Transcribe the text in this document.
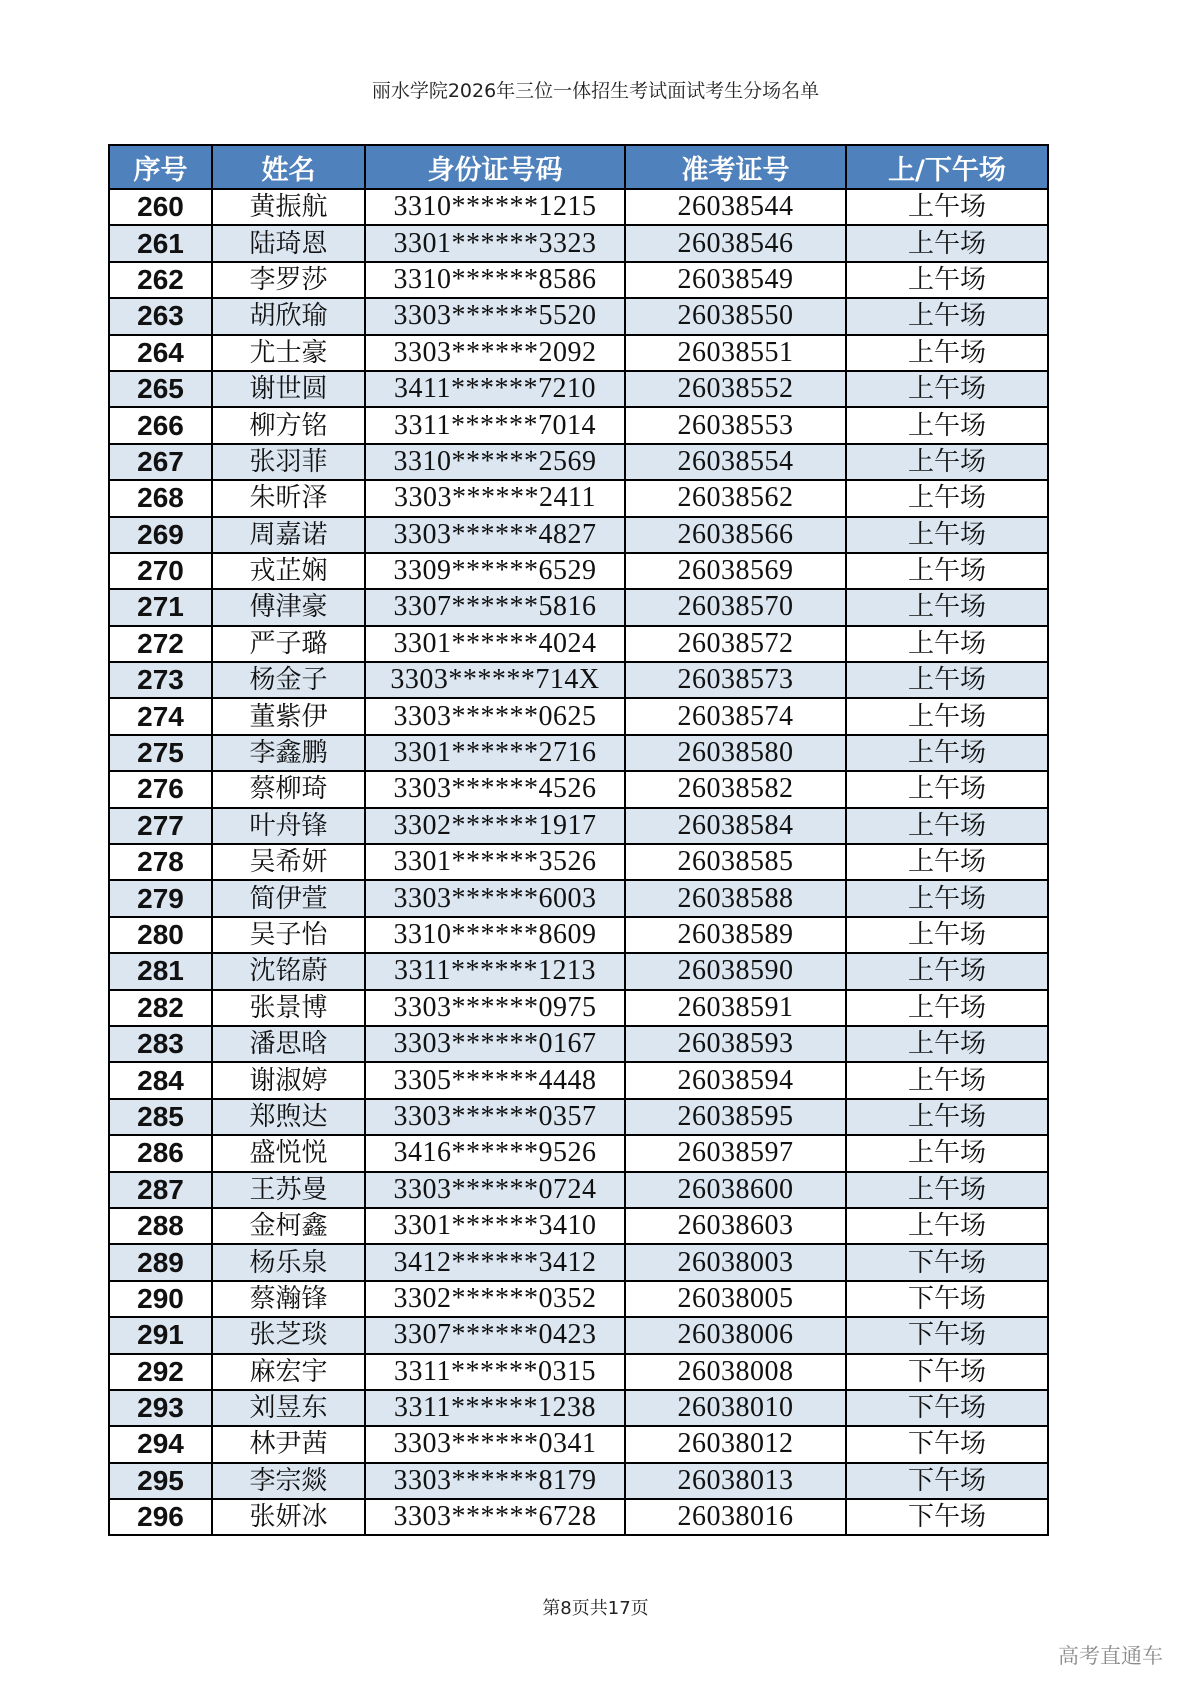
丽水学院2026年三位一体招生考试面试考生分场名单
序号	姓名	身份证号码	准考证号	上/下午场
260	黄振航	3310******1215	26038544	上午场
261	陆琦恩	3301******3323	26038546	上午场
262	李罗莎	3310******8586	26038549	上午场
263	胡欣瑜	3303******5520	26038550	上午场
264	尤士豪	3303******2092	26038551	上午场
265	谢世圆	3411******7210	26038552	上午场
266	柳方铭	3311******7014	26038553	上午场
267	张羽菲	3310******2569	26038554	上午场
268	朱昕泽	3303******2411	26038562	上午场
269	周嘉诺	3303******4827	26038566	上午场
270	戎芷娴	3309******6529	26038569	上午场
271	傅津豪	3307******5816	26038570	上午场
272	严子璐	3301******4024	26038572	上午场
273	杨金子	3303******714X	26038573	上午场
274	董紫伊	3303******0625	26038574	上午场
275	李鑫鹏	3301******2716	26038580	上午场
276	蔡柳琦	3303******4526	26038582	上午场
277	叶舟锋	3302******1917	26038584	上午场
278	吴希妍	3301******3526	26038585	上午场
279	简伊萱	3303******6003	26038588	上午场
280	吴子怡	3310******8609	26038589	上午场
281	沈铭蔚	3311******1213	26038590	上午场
282	张景博	3303******0975	26038591	上午场
283	潘思晗	3303******0167	26038593	上午场
284	谢淑婷	3305******4448	26038594	上午场
285	郑煦达	3303******0357	26038595	上午场
286	盛悦悦	3416******9526	26038597	上午场
287	王苏曼	3303******0724	26038600	上午场
288	金柯鑫	3301******3410	26038603	上午场
289	杨乐泉	3412******3412	26038003	下午场
290	蔡瀚锋	3302******0352	26038005	下午场
291	张芝琰	3307******0423	26038006	下午场
292	麻宏宇	3311******0315	26038008	下午场
293	刘昱东	3311******1238	26038010	下午场
294	林尹茜	3303******0341	26038012	下午场
295	李宗燚	3303******8179	26038013	下午场
296	张妍冰	3303******6728	26038016	下午场
第8页共17页
高考直通车
